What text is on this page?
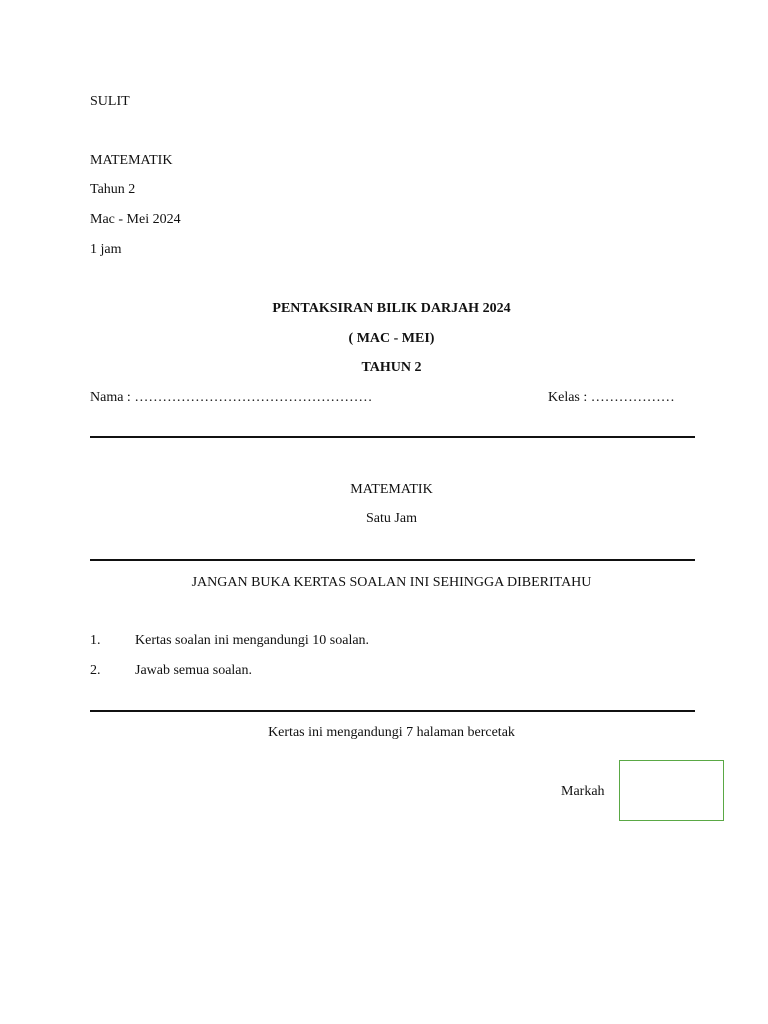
SULIT
MATEMATIK
Tahun 2
Mac - Mei 2024
1 jam
PENTAKSIRAN BILIK DARJAH 2024
( MAC - MEI)
TAHUN 2
Nama : ……………………………………………	Kelas : ………………
MATEMATIK
Satu Jam
JANGAN BUKA KERTAS SOALAN INI SEHINGGA DIBERITAHU
1. Kertas soalan ini mengandungi 10 soalan.
2. Jawab semua soalan.
Kertas ini mengandungi 7 halaman bercetak
Markah
